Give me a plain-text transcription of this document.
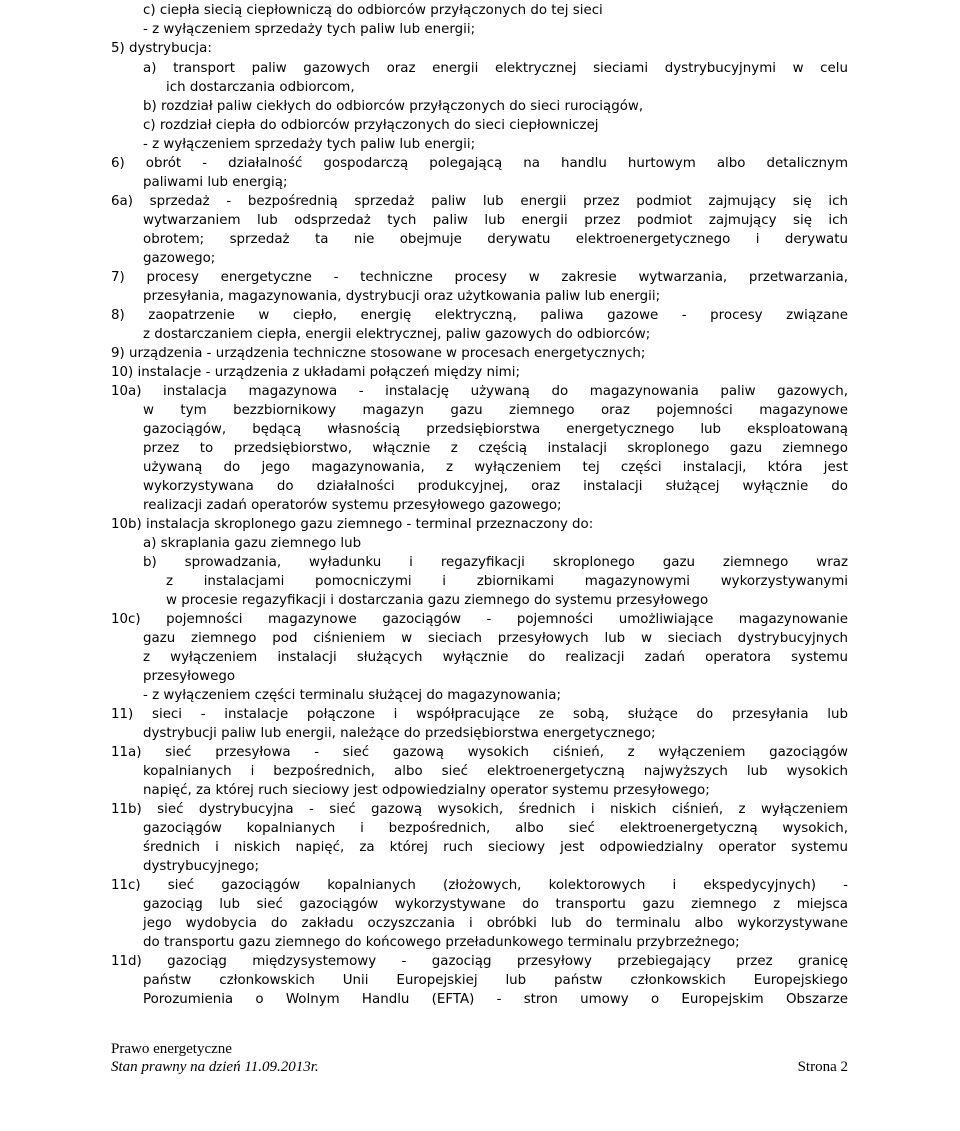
c) ciepła siecią ciepłowniczą do odbiorców przyłączonych do tej sieci
- z wyłączeniem sprzedaży tych paliw lub energii;
5) dystrybucja:
a) transport paliw gazowych oraz energii elektrycznej sieciami dystrybucyjnymi w celu
ich dostarczania odbiorcom,
b) rozdział paliw ciekłych do odbiorców przyłączonych do sieci rurociągów,
c) rozdział ciepła do odbiorców przyłączonych do sieci ciepłowniczej
- z wyłączeniem sprzedaży tych paliw lub energii;
6) obrót - działalność gospodarczą polegającą na handlu hurtowym albo detalicznym
paliwami lub energią;
6a) sprzedaż - bezpośrednią sprzedaż paliw lub energii przez podmiot zajmujący się ich
wytwarzaniem lub odsprzedaż tych paliw lub energii przez podmiot zajmujący się ich
obrotem; sprzedaż ta nie obejmuje derywatu elektroenergetycznego i derywatu
gazowego;
7) procesy energetyczne - techniczne procesy w zakresie wytwarzania, przetwarzania,
przesyłania, magazynowania, dystrybucji oraz użytkowania paliw lub energii;
8) zaopatrzenie w ciepło, energię elektryczną, paliwa gazowe - procesy związane
z dostarczaniem ciepła, energii elektrycznej, paliw gazowych do odbiorców;
9) urządzenia - urządzenia techniczne stosowane w procesach energetycznych;
10) instalacje - urządzenia z układami połączeń między nimi;
10a) instalacja magazynowa - instalację używaną do magazynowania paliw gazowych,
w tym bezzbiornikowy magazyn gazu ziemnego oraz pojemności magazynowe
gazociągów, będącą własnością przedsiębiorstwa energetycznego lub eksploatowaną
przez to przedsiębiorstwo, włącznie z częścią instalacji skroplonego gazu ziemnego
używaną do jego magazynowania, z wyłączeniem tej części instalacji, która jest
wykorzystywana do działalności produkcyjnej, oraz instalacji służącej wyłącznie do
realizacji zadań operatorów systemu przesyłowego gazowego;
10b) instalacja skroplonego gazu ziemnego - terminal przeznaczony do:
a) skraplania gazu ziemnego lub
b) sprowadzania, wyładunku i regazyfikacji skroplonego gazu ziemnego wraz
z instalacjami pomocniczymi i zbiornikami magazynowymi wykorzystywanymi
w procesie regazyfikacji i dostarczania gazu ziemnego do systemu przesyłowego
10c) pojemności magazynowe gazociągów - pojemności umożliwiające magazynowanie
gazu ziemnego pod ciśnieniem w sieciach przesyłowych lub w sieciach dystrybucyjnych
z wyłączeniem instalacji służących wyłącznie do realizacji zadań operatora systemu
przesyłowego
- z wyłączeniem części terminalu służącej do magazynowania;
11) sieci - instalacje połączone i współpracujące ze sobą, służące do przesyłania lub
dystrybucji paliw lub energii, należące do przedsiębiorstwa energetycznego;
11a) sieć przesyłowa - sieć gazową wysokich ciśnień, z wyłączeniem gazociągów
kopalnianych i bezpośrednich, albo sieć elektroenergetyczną najwyższych lub wysokich
napięć, za której ruch sieciowy jest odpowiedzialny operator systemu przesyłowego;
11b) sieć dystrybucyjna - sieć gazową wysokich, średnich i niskich ciśnień, z wyłączeniem
gazociągów kopalnianych i bezpośrednich, albo sieć elektroenergetyczną wysokich,
średnich i niskich napięć, za której ruch sieciowy jest odpowiedzialny operator systemu
dystrybucyjnego;
11c) sieć gazociągów kopalnianych (złożowych, kolektorowych i ekspedycyjnych) -
gazociąg lub sieć gazociągów wykorzystywane do transportu gazu ziemnego z miejsca
jego wydobycia do zakładu oczyszczania i obróbki lub do terminalu albo wykorzystywane
do transportu gazu ziemnego do końcowego przeładunkowego terminalu przybrzeżnego;
11d) gazociąg międzysystemowy - gazociąg przesyłowy przebiegający przez granicę
państw członkowskich Unii Europejskiej lub państw członkowskich Europejskiego
Porozumienia o Wolnym Handlu (EFTA) - stron umowy o Europejskim Obszarze
Prawo energetyczne
Stan prawny na dzień 11.09.2013r.	Strona 2
